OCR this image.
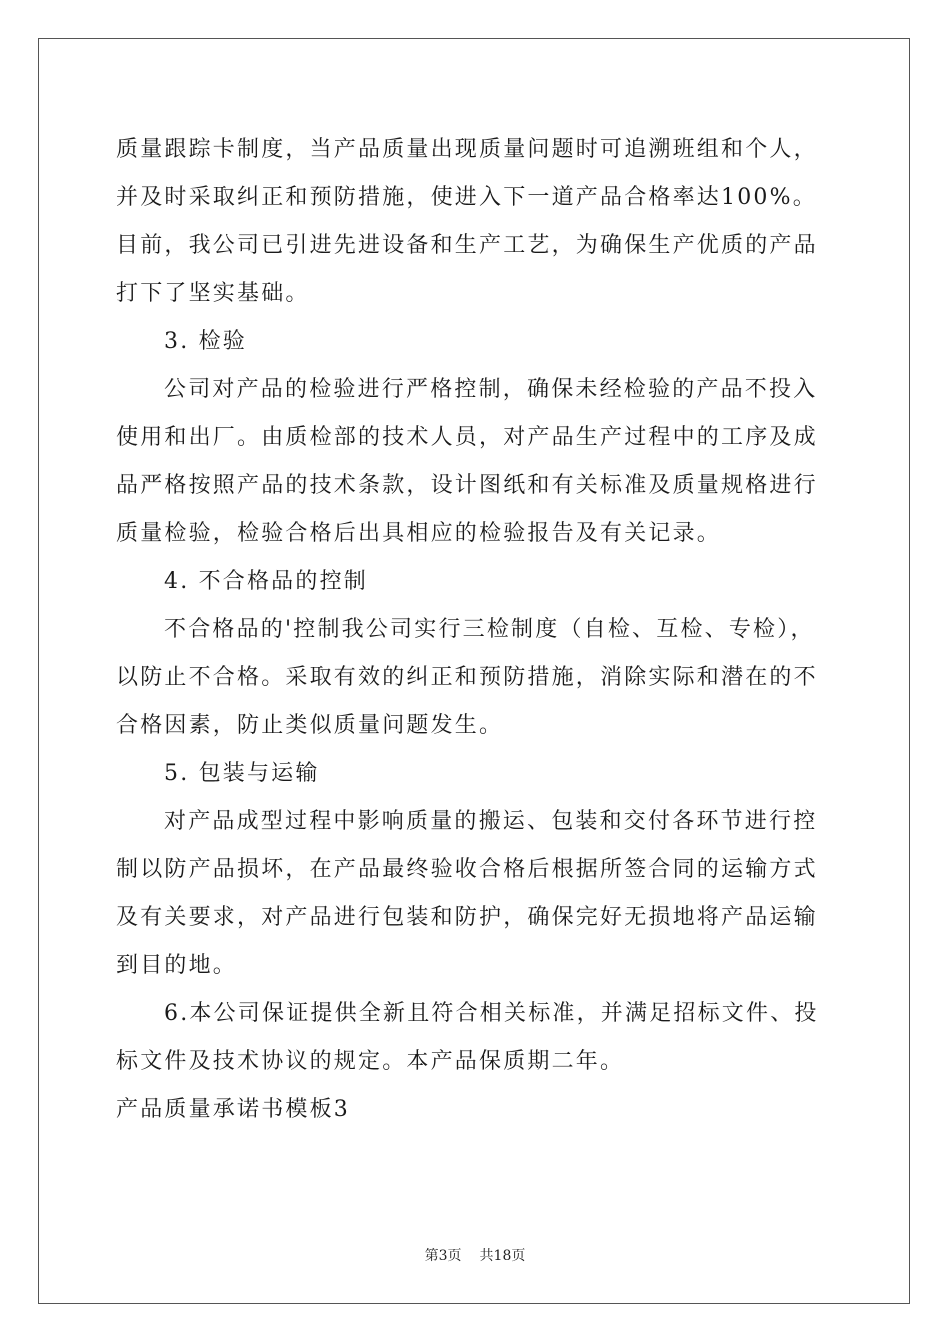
质量跟踪卡制度，当产品质量出现质量问题时可追溯班组和个人，并及时采取纠正和预防措施，使进入下一道产品合格率达100%。目前，我公司已引进先进设备和生产工艺，为确保生产优质的产品打下了坚实基础。

3. 检验

公司对产品的检验进行严格控制，确保未经检验的产品不投入使用和出厂。由质检部的技术人员，对产品生产过程中的工序及成品严格按照产品的技术条款，设计图纸和有关标准及质量规格进行质量检验，检验合格后出具相应的检验报告及有关记录。

4. 不合格品的控制

不合格品的'控制我公司实行三检制度（自检、互检、专检），以防止不合格。采取有效的纠正和预防措施，消除实际和潜在的不合格因素，防止类似质量问题发生。

5. 包装与运输

对产品成型过程中影响质量的搬运、包装和交付各环节进行控制以防产品损坏，在产品最终验收合格后根据所签合同的运输方式及有关要求，对产品进行包装和防护，确保完好无损地将产品运输到目的地。

6.本公司保证提供全新且符合相关标准，并满足招标文件、投标文件及技术协议的规定。本产品保质期二年。

产品质量承诺书模板3

第3页 共18页
